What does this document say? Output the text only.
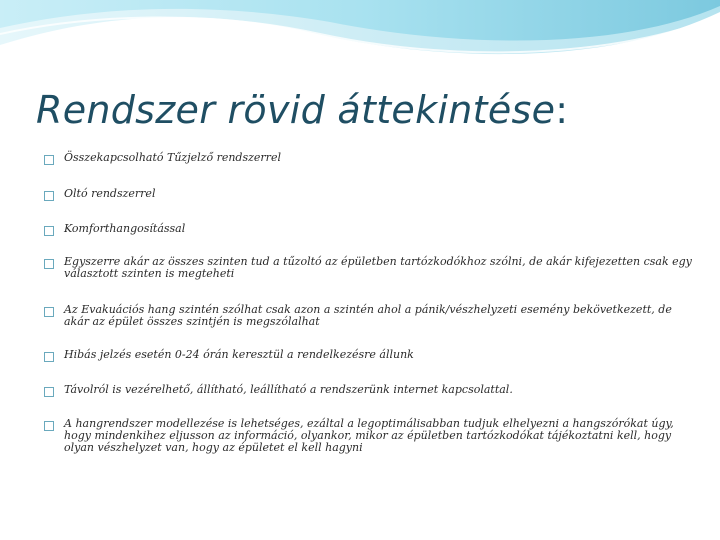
Rendszer rövid áttekintése:
Összekapcsolható Tűzjelző rendszerrel
Oltó rendszerrel
Komforthangosítással
Egyszerre akár az összes szinten tud a tűzoltó az épületben tartózkodókhoz szólni, de akár kifejezetten csak egy választott szinten is megteheti
Az Evakuációs hang szintén szólhat csak azon a szintén ahol a pánik/vészhelyzeti esemény bekövetkezett, de akár az épület összes szintjén is megszólalhat
Hibás jelzés esetén 0-24 órán keresztül a rendelkezésre állunk
Távolról is vezérelhető, állítható, leállítható a rendszerünk internet kapcsolattal.
A hangrendszer modellezése is lehetséges, ezáltal a legoptimálisabban tudjuk elhelyezni a hangszórókat úgy, hogy mindenkihez eljusson az információ, olyankor, mikor az épületben tartózkodókat tájékoztatni kell, hogy olyan vészhelyzet van, hogy az épületet el kell hagyni
